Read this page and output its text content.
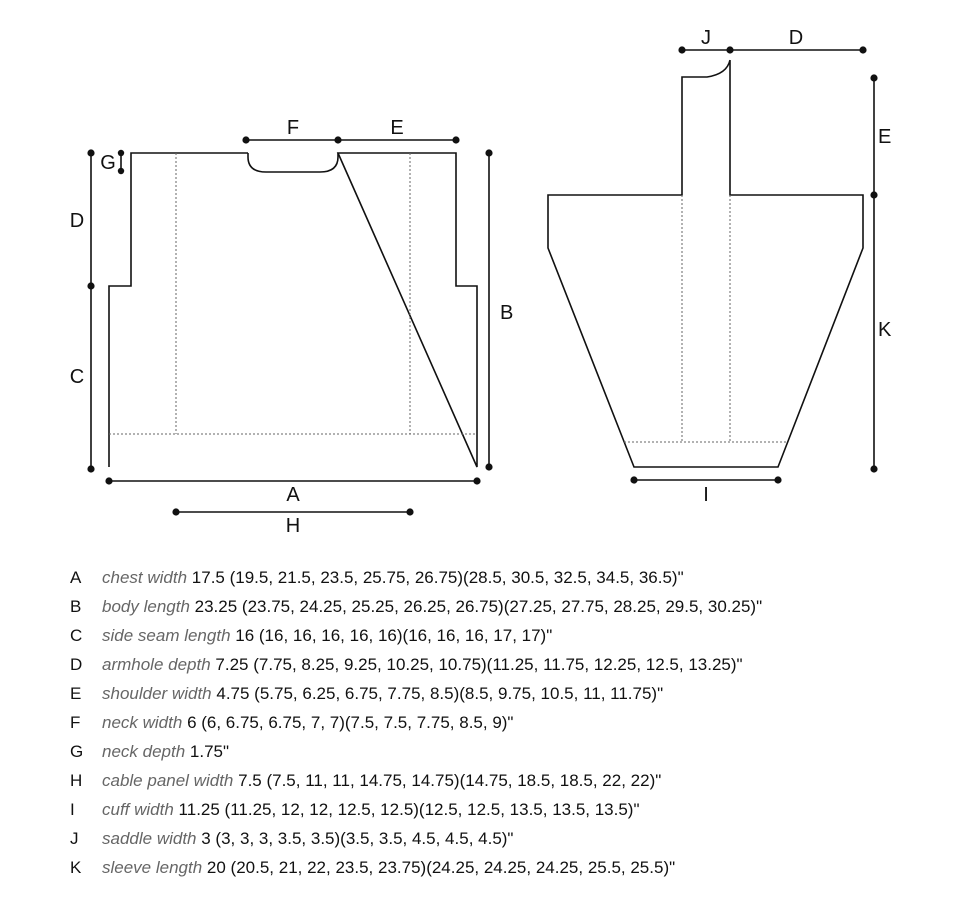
F	E
G
D
C
B
A
H
J	D
E
K
I
A chest width 17.5 (19.5, 21.5, 23.5, 25.75, 26.75)(28.5, 30.5, 32.5, 34.5, 36.5)"
B body length 23.25 (23.75, 24.25, 25.25, 26.25, 26.75)(27.25, 27.75, 28.25, 29.5, 30.25)"
C side seam length 16 (16, 16, 16, 16, 16)(16, 16, 16, 17, 17)"
D armhole depth 7.25 (7.75, 8.25, 9.25, 10.25, 10.75)(11.25, 11.75, 12.25, 12.5, 13.25)"
E shoulder width 4.75 (5.75, 6.25, 6.75, 7.75, 8.5)(8.5, 9.75, 10.5, 11, 11.75)"
F neck width 6 (6, 6.75, 6.75, 7, 7)(7.5, 7.5, 7.75, 8.5, 9)"
G neck depth 1.75"
H cable panel width 7.5 (7.5, 11, 11, 14.75, 14.75)(14.75, 18.5, 18.5, 22, 22)"
I cuff width 11.25 (11.25, 12, 12, 12.5, 12.5)(12.5, 12.5, 13.5, 13.5, 13.5)"
J saddle width 3 (3, 3, 3, 3.5, 3.5)(3.5, 3.5, 4.5, 4.5, 4.5)"
K sleeve length 20 (20.5, 21, 22, 23.5, 23.75)(24.25, 24.25, 24.25, 25.5, 25.5)"
